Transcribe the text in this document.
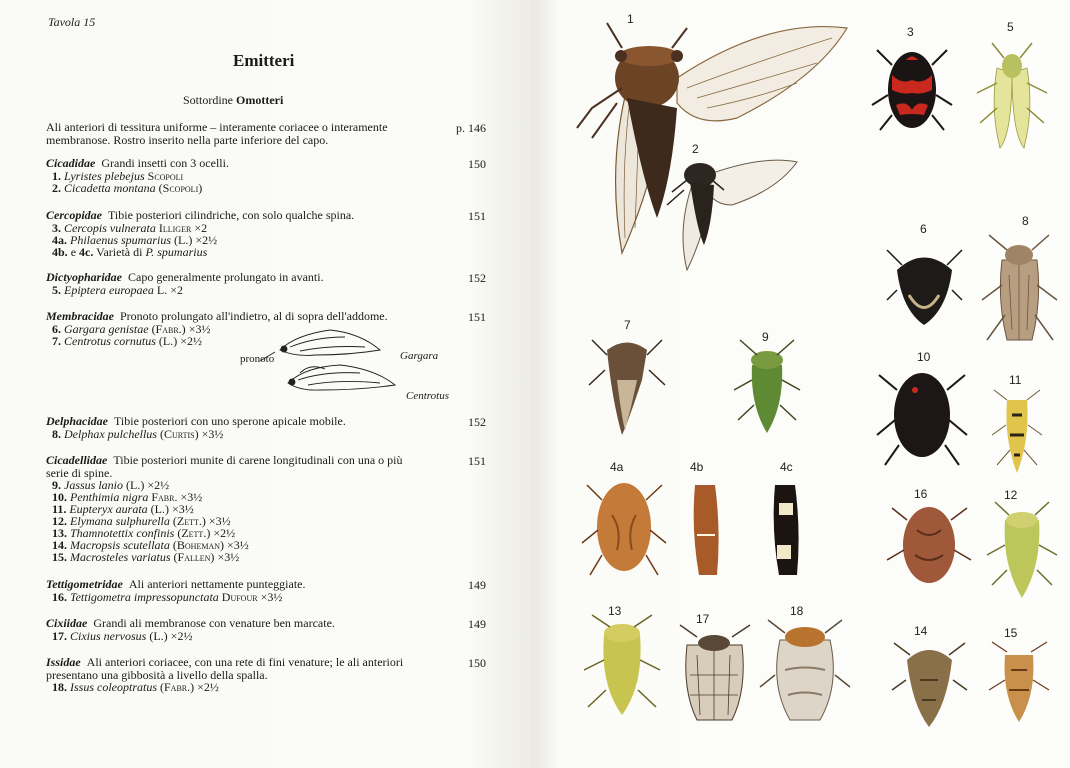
Tavola 15
Emitteri
Sottordine Omotteri
Ali anteriori di tessitura uniforme – interamente coriacee o interamente
membranose. Rostro inserito nella parte inferiore del capo.
p. 146
Cicadidae  Grandi insetti con 3 ocelli.	150
1. Lyristes plebejus Scopoli
2. Cicadetta montana (Scopoli)
Cercopidae  Tibie posteriori cilindriche, con solo qualche spina.	151
3. Cercopis vulnerata Illiger ×2
4a. Philaenus spumarius (L.) ×2½
4b. e 4c. Varietà di P. spumarius
Dictyopharidae  Capo generalmente prolungato in avanti.	152
5. Epiptera europaea L. ×2
Membracidae  Pronoto prolungato all'indietro, al di sopra dell'addome.	151
6. Gargara genistae (Fabr.) ×3½
7. Centrotus cornutus (L.) ×2½
Delphacidae  Tibie posteriori con uno sperone apicale mobile.	152
8. Delphax pulchellus (Curtis) ×3½
Cicadellidae  Tibie posteriori munite di carene longitudinali con una o più	151
serie di spine.
9. Jassus lanio (L.) ×2½
10. Penthimia nigra Fabr. ×3½
11. Eupteryx aurata (L.) ×3½
12. Elymana sulphurella (Zett.) ×3½
13. Thamnotettix confinis (Zett.) ×2½
14. Macropsis scutellata (Boheman) ×3½
15. Macrosteles variatus (Fallen) ×3½
Tettigometridae  Ali anteriori nettamente punteggiate.	149
16. Tettigometra impressopunctata Dufour ×3½
Cixiidae  Grandi ali membranose con venature ben marcate.	149
17. Cixius nervosus (L.) ×2½
Issidae  Ali anteriori coriacee, con una rete di fini venature; le ali anteriori	150
presentano una gibbosità a livello della spalla.
18. Issus coleoptratus (Fabr.) ×2½
pronoto	Gargara
Centrotus
1
2
3	5
6
8
7
9
10
11
4a	4b	4c
16	12
13
17
18
14	15
